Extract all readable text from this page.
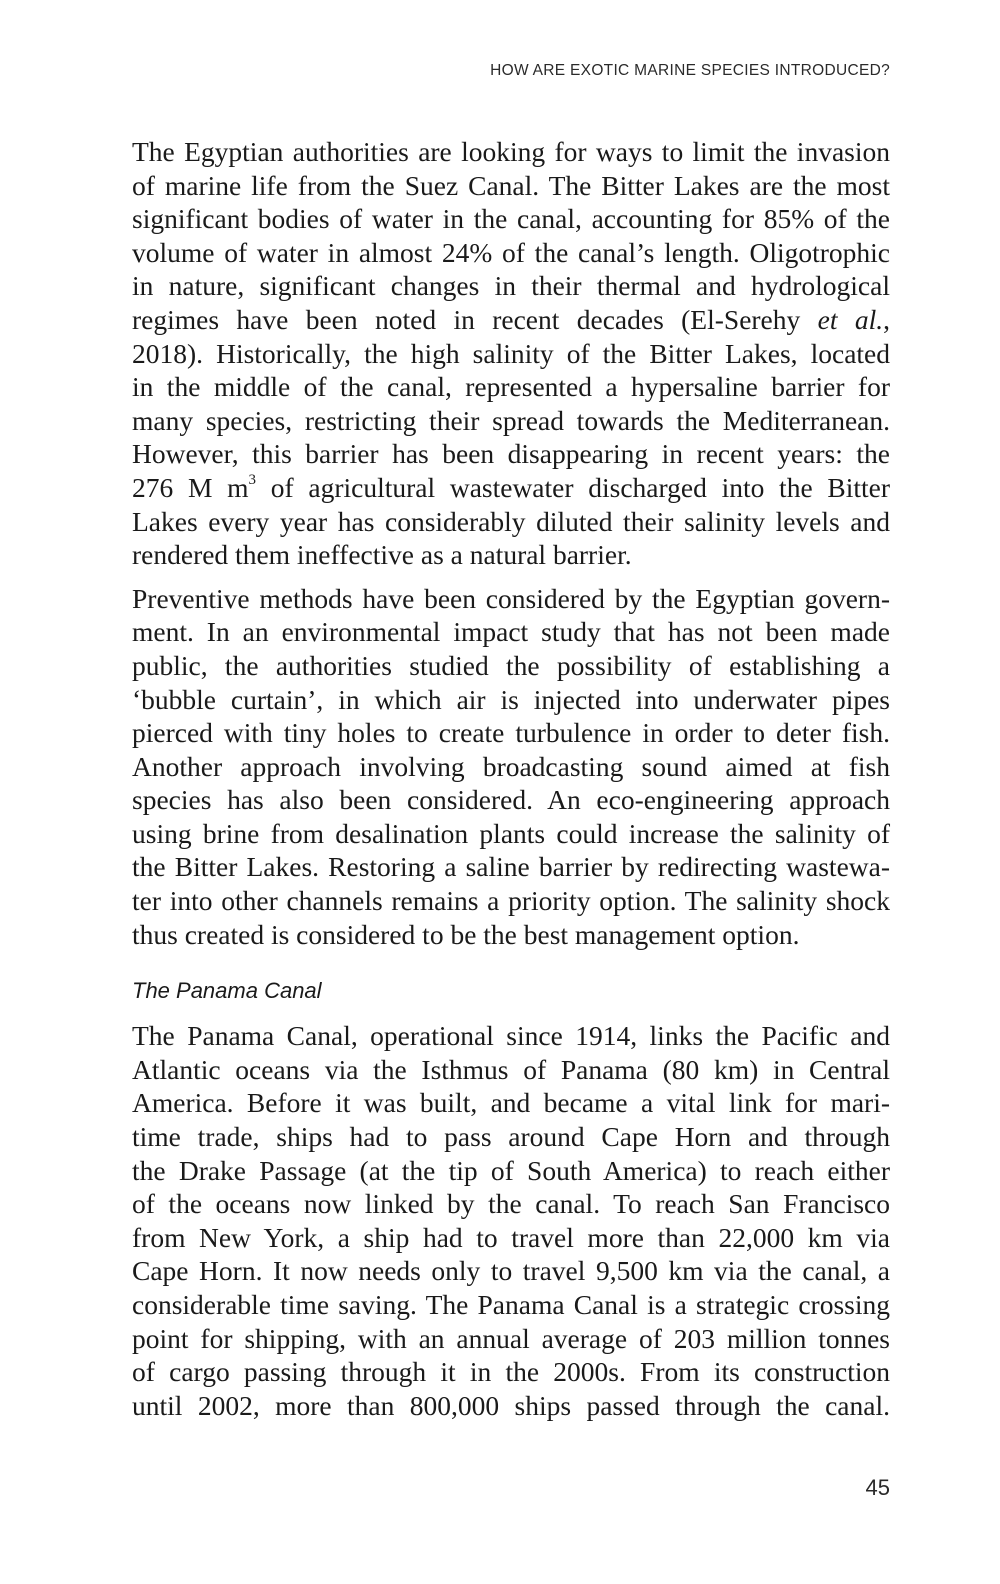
HOW ARE EXOTIC MARINE SPECIES INTRODUCED?

The Egyptian authorities are looking for ways to limit the invasion
of marine life from the Suez Canal. The Bitter Lakes are the most
significant bodies of water in the canal, accounting for 85% of the
volume of water in almost 24% of the canal’s length. Oligotrophic
in nature, significant changes in their thermal and hydrological
regimes have been noted in recent decades (El-Serehy et al.,
2018). Historically, the high salinity of the Bitter Lakes, located
in the middle of the canal, represented a hypersaline barrier for
many species, restricting their spread towards the Mediterranean.
However, this barrier has been disappearing in recent years: the
276 M $m^3$ of agricultural wastewater discharged into the Bitter
Lakes every year has considerably diluted their salinity levels and
rendered them ineffective as a natural barrier.

Preventive methods have been considered by the Egyptian govern-
ment. In an environmental impact study that has not been made
public, the authorities studied the possibility of establishing a
‘bubble curtain’, in which air is injected into underwater pipes
pierced with tiny holes to create turbulence in order to deter fish.
Another approach involving broadcasting sound aimed at fish
species has also been considered. An eco-engineering approach
using brine from desalination plants could increase the salinity of
the Bitter Lakes. Restoring a saline barrier by redirecting wastewa-
ter into other channels remains a priority option. The salinity shock
thus created is considered to be the best management option.

The Panama Canal

The Panama Canal, operational since 1914, links the Pacific and
Atlantic oceans via the Isthmus of Panama (80 km) in Central
America. Before it was built, and became a vital link for mari-
time trade, ships had to pass around Cape Horn and through
the Drake Passage (at the tip of South America) to reach either
of the oceans now linked by the canal. To reach San Francisco
from New York, a ship had to travel more than 22,000 km via
Cape Horn. It now needs only to travel 9,500 km via the canal, a
considerable time saving. The Panama Canal is a strategic crossing
point for shipping, with an annual average of 203 million tonnes
of cargo passing through it in the 2000s. From its construction
until 2002, more than 800,000 ships passed through the canal.

45
